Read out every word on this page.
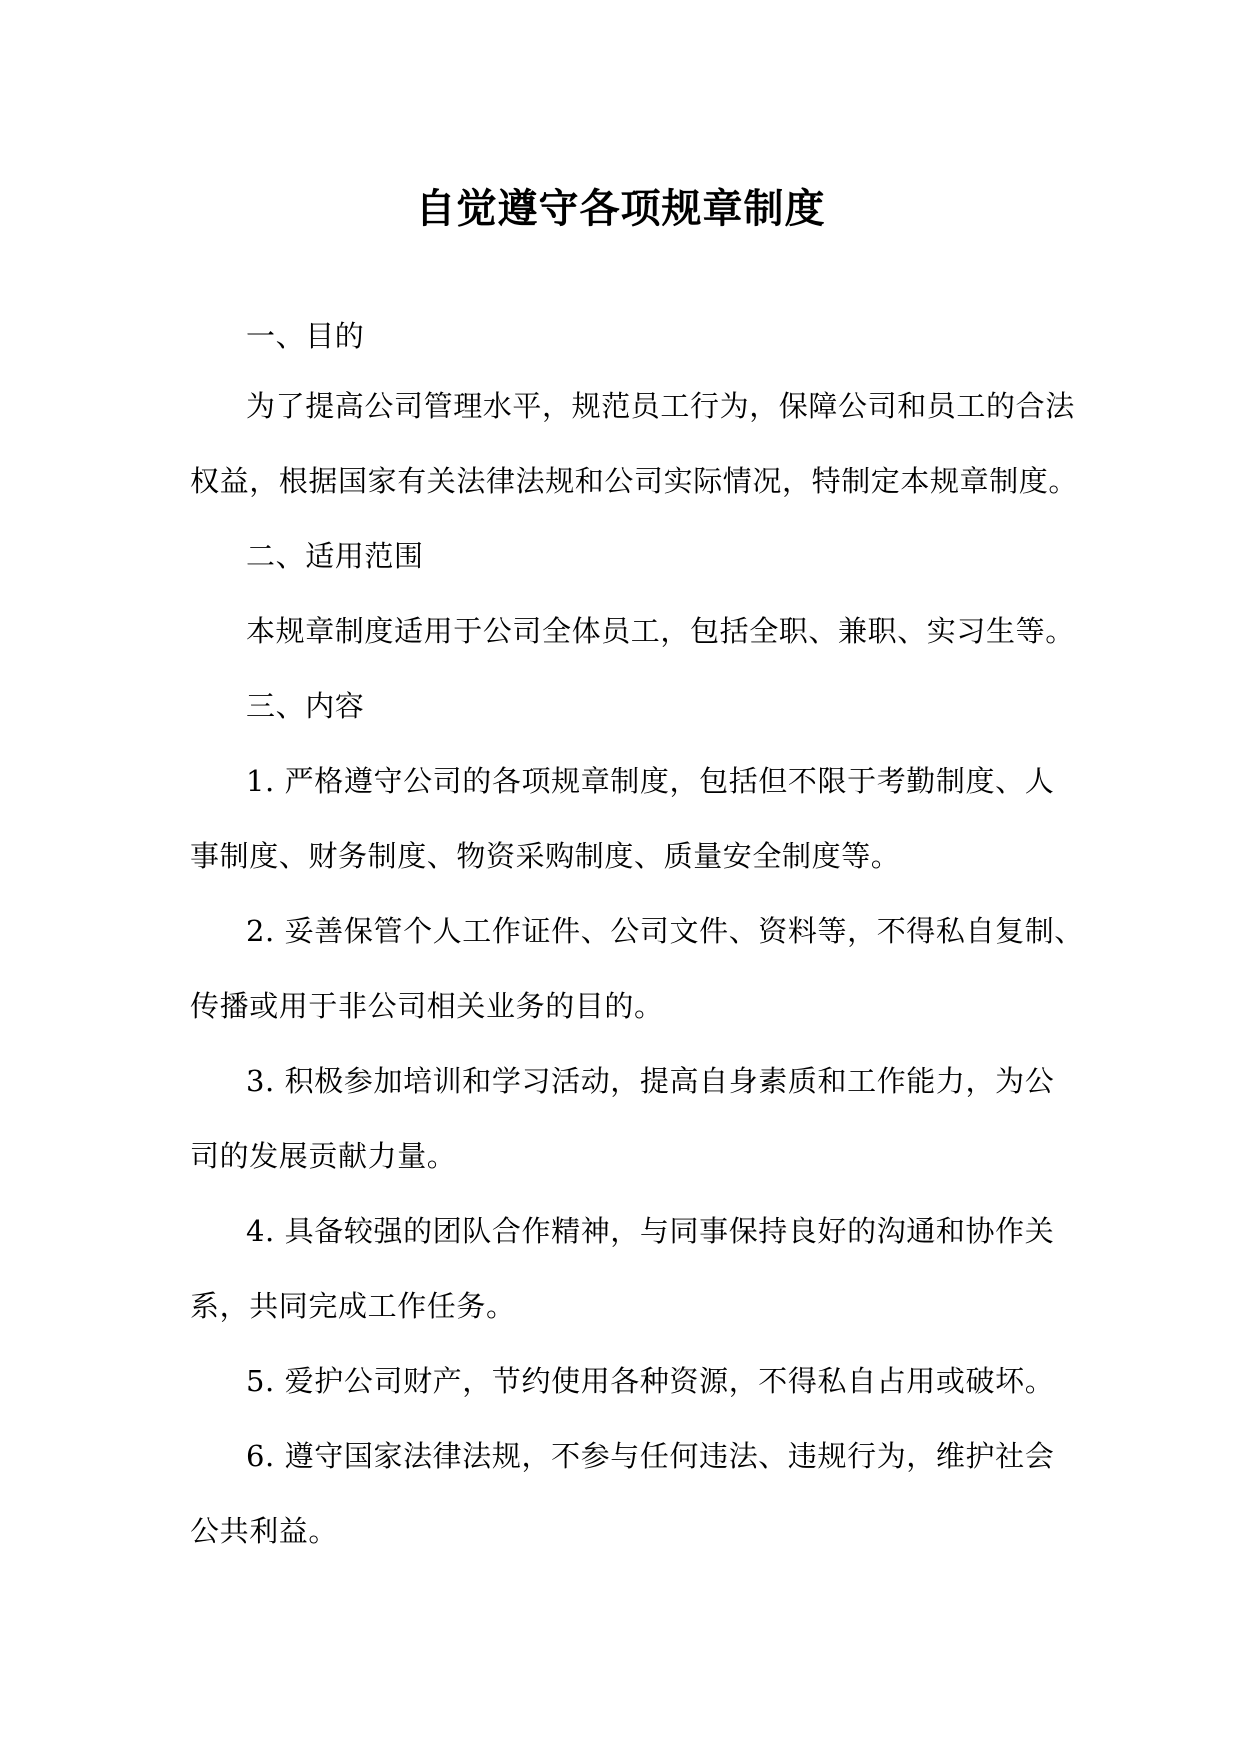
自觉遵守各项规章制度
一、目的
为了提高公司管理水平，规范员工行为，保障公司和员工的合法
权益，根据国家有关法律法规和公司实际情况，特制定本规章制度。
二、适用范围
本规章制度适用于公司全体员工，包括全职、兼职、实习生等。
三、内容
1. 严格遵守公司的各项规章制度，包括但不限于考勤制度、人
事制度、财务制度、物资采购制度、质量安全制度等。
2. 妥善保管个人工作证件、公司文件、资料等，不得私自复制、
传播或用于非公司相关业务的目的。
3. 积极参加培训和学习活动，提高自身素质和工作能力，为公
司的发展贡献力量。
4. 具备较强的团队合作精神，与同事保持良好的沟通和协作关
系，共同完成工作任务。
5. 爱护公司财产，节约使用各种资源，不得私自占用或破坏。
6. 遵守国家法律法规，不参与任何违法、违规行为，维护社会
公共利益。
